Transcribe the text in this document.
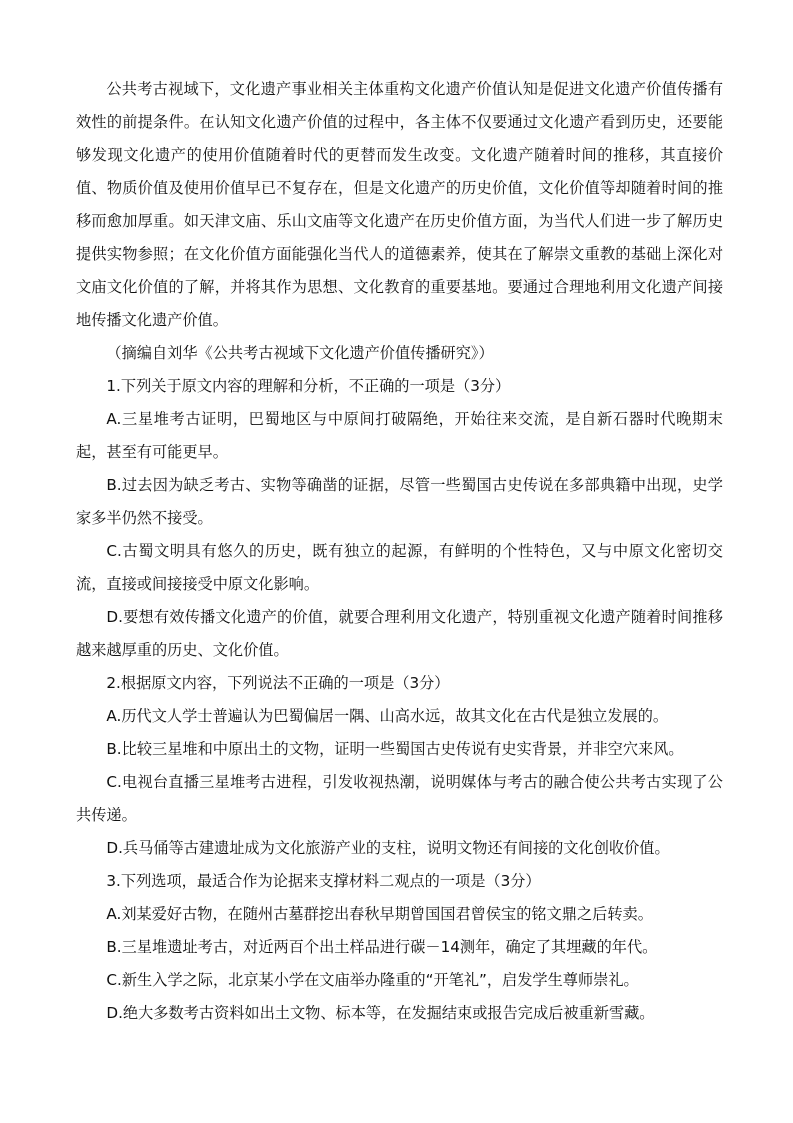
公共考古视域下，文化遗产事业相关主体重构文化遗产价值认知是促进文化遗产价值传播有效性的前提条件。在认知文化遗产价值的过程中，各主体不仅要通过文化遗产看到历史，还要能够发现文化遗产的使用价值随着时代的更替而发生改变。文化遗产随着时间的推移，其直接价值、物质价值及使用价值早已不复存在，但是文化遗产的历史价值，文化价值等却随着时间的推移而愈加厚重。如天津文庙、乐山文庙等文化遗产在历史价值方面，为当代人们进一步了解历史提供实物参照；在文化价值方面能强化当代人的道德素养，使其在了解崇文重教的基础上深化对文庙文化价值的了解，并将其作为思想、文化教育的重要基地。要通过合理地利用文化遗产间接地传播文化遗产价值。

（摘编自刘华《公共考古视域下文化遗产价值传播研究》）

1.下列关于原文内容的理解和分析，不正确的一项是（3分）

A.三星堆考古证明，巴蜀地区与中原间打破隔绝，开始往来交流，是自新石器时代晚期末起，甚至有可能更早。

B.过去因为缺乏考古、实物等确凿的证据，尽管一些蜀国古史传说在多部典籍中出现，史学家多半仍然不接受。

C.古蜀文明具有悠久的历史，既有独立的起源，有鲜明的个性特色，又与中原文化密切交流，直接或间接接受中原文化影响。

D.要想有效传播文化遗产的价值，就要合理利用文化遗产，特别重视文化遗产随着时间推移越来越厚重的历史、文化价值。

2.根据原文内容，下列说法不正确的一项是（3分）

A.历代文人学士普遍认为巴蜀偏居一隅、山高水远，故其文化在古代是独立发展的。

B.比较三星堆和中原出土的文物，证明一些蜀国古史传说有史实背景，并非空穴来风。

C.电视台直播三星堆考古进程，引发收视热潮，说明媒体与考古的融合使公共考古实现了公共传递。

D.兵马俑等古建遗址成为文化旅游产业的支柱，说明文物还有间接的文化创收价值。

3.下列选项，最适合作为论据来支撑材料二观点的一项是（3分）

A.刘某爱好古物，在随州古墓群挖出春秋早期曾国国君曾侯宝的铭文鼎之后转卖。

B.三星堆遗址考古，对近两百个出土样品进行碳－14测年，确定了其埋藏的年代。

C.新生入学之际，北京某小学在文庙举办隆重的“开笔礼”，启发学生尊师崇礼。

D.绝大多数考古资料如出土文物、标本等，在发掘结束或报告完成后被重新雪藏。
